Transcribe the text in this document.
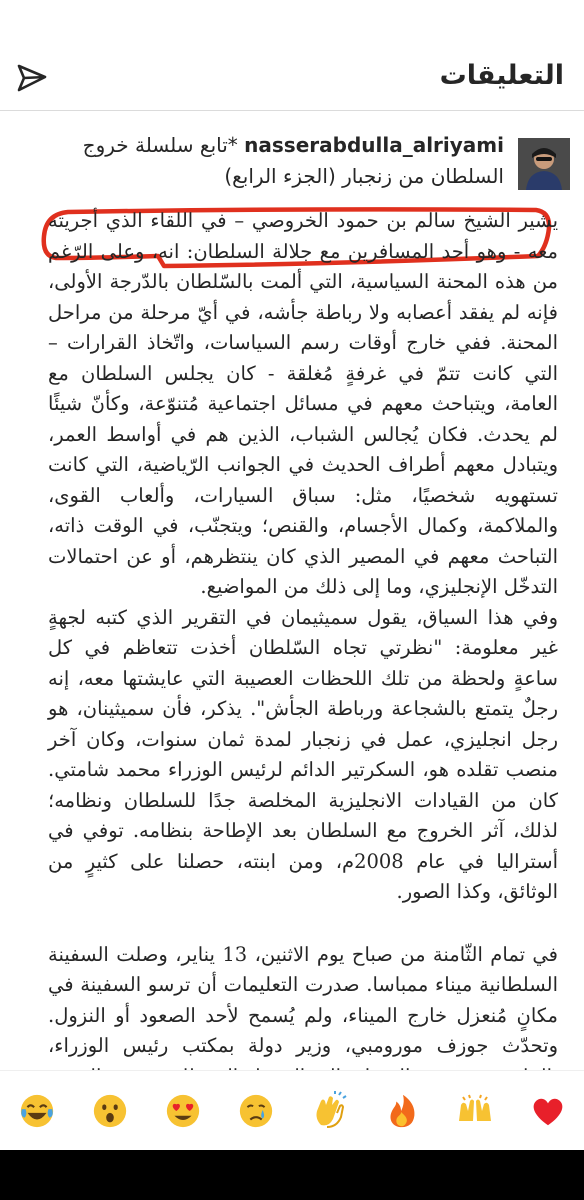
التعليقات
nasserabdulla_alriyami *تابع سلسلة خروج السلطان من زنجبار (الجزء الرابع)

يشير الشيخ سالم بن حمود الخروصي – في اللقاء الذي أجريته معه - وهو أحد المسافرين مع جلالة السلطان: انه، وعلى الرّغم من هذه المحنة السياسية، التي ألمت بالسّلطان بالدّرجة الأولى، فإنه لم يفقد أعصابه ولا رباطة جأشه، في أيّ مرحلة من مراحل المحنة. ففي خارج أوقات رسم السياسات، واتّخاذ القرارات – التي كانت تتمّ في غرفةٍ مُغلقة - كان يجلس السلطان مع العامة، ويتباحث معهم في مسائل اجتماعية مُتنوّعة، وكأنّ شيئًا لم يحدث. فكان يُجالس الشباب، الذين هم في أواسط العمر، ويتبادل معهم أطراف الحديث في الجوانب الرّياضية، التي كانت تستهويه شخصيًا، مثل: سباق السيارات، وألعاب القوى، والملاكمة، وكمال الأجسام، والقنص؛ ويتجنّب، في الوقت ذاته، التباحث معهم في المصير الذي كان ينتظرهم، أو عن احتمالات التدخّل الإنجليزي، وما إلى ذلك من المواضيع.

وفي هذا السياق، يقول سميثيمان في التقرير الذي كتبه لجهةٍ غير معلومة: "نظرتي تجاه السّلطان أخذت تتعاظم في كل ساعةٍ ولحظة من تلك اللحظات العصيبة التي عايشتها معه، إنه رجلٌ يتمتع بالشجاعة ورباطة الجأش". يذكر، فأن سميثينان، هو رجل انجليزي، عمل في زنجبار لمدة ثمان سنوات، وكان آخر منصب تقلده هو، السكرتير الدائم لرئيس الوزراء محمد شامتي. كان من القيادات الانجليزية المخلصة جدًا للسلطان ونظامه؛ لذلك، آثر الخروج مع السلطان بعد الإطاحة بنظامه. توفي في أستراليا في عام 2008م، ومن ابنته، حصلنا على كثيرٍ من الوثائق، وكذا الصور.

في تمام الثّامنة من صباح يوم الاثنين، 13 يناير، وصلت السفينة السلطانية ميناء ممباسا. صدرت التعليمات أن ترسو السفينة في مكانٍ مُنعزل خارج الميناء، ولم يُسمح لأحد الصعود أو النزول. وتحدّث جوزف مورومبي، وزير دولة بمكتب رئيس الوزراء،
